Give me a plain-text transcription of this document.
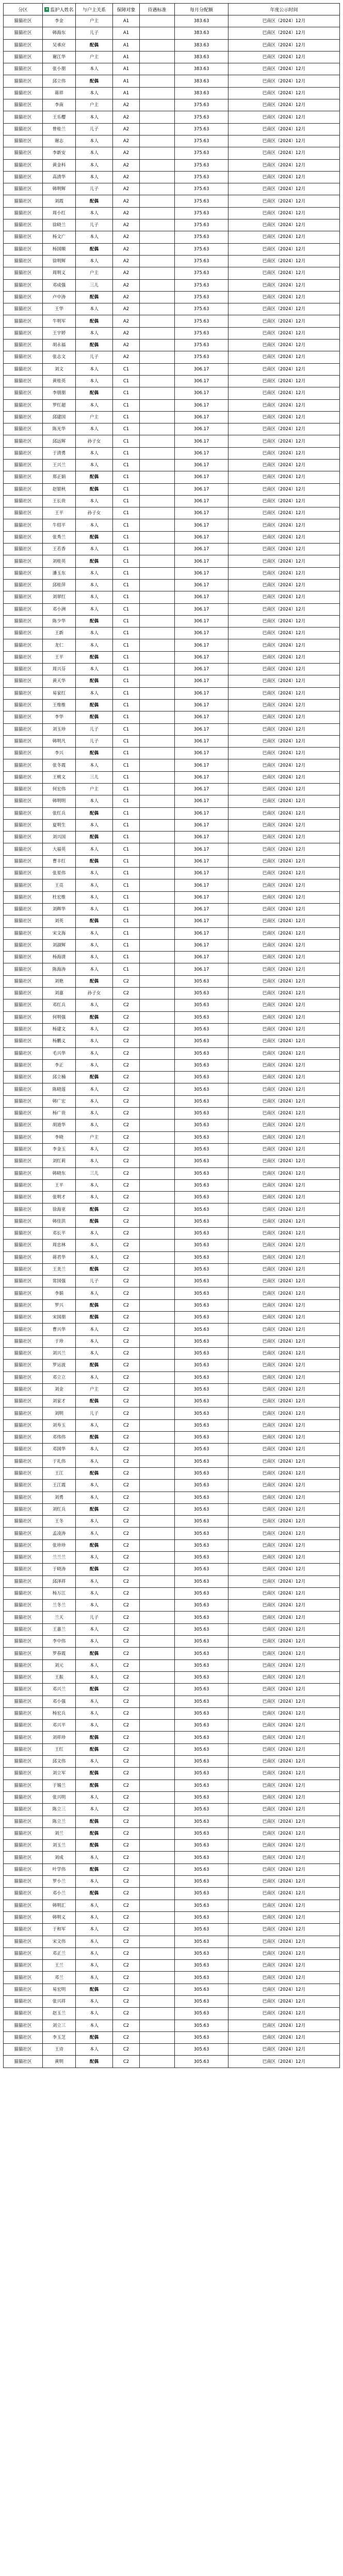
分区	▾ 监护人姓名	与户主关系	保障对象	待遇标准	每月分配额	年度公示时间
猫猫社区	李金	户主	A1		383.63	巴南区（2024）12月
猫猫社区	韩海东	儿子	A1		383.63	巴南区（2024）12月
猫猫社区	吴承应	配偶	A1		383.63	巴南区（2024）12月
猫猫社区	谢江华	户主	A1		383.63	巴南区（2024）12月
猫猫社区	张小朋	本人	A1		383.63	巴南区（2024）12月
猫猫社区	邱立伟	配偶	A1		383.63	巴南区（2024）12月
猫猫社区	蒋祥	本人	A1		383.63	巴南区（2024）12月
猫猫社区	李南	户主	A2		375.63	巴南区（2024）12月
猫猫社区	王乐樱	本人	A2		375.63	巴南区（2024）12月
猫猫社区	曾桂兰	儿子	A2		375.63	巴南区（2024）12月
猫猫社区	谢志	本人	A2		375.63	巴南区（2024）12月
猫猫社区	李新安	本人	A2		375.63	巴南区（2024）12月
猫猫社区	黄金科	本人	A2		375.63	巴南区（2024）12月
猫猫社区	高清华	本人	A2		375.63	巴南区（2024）12月
猫猫社区	韩明辉	儿子	A2		375.63	巴南区（2024）12月
猫猫社区	刘霞	配偶	A2		375.63	巴南区（2024）12月
猫猫社区	周小红	本人	A2		375.63	巴南区（2024）12月
猫猫社区	徐晓兰	儿子	A2		375.63	巴南区（2024）12月
猫猫社区	杨文广	本人	A2		375.63	巴南区（2024）12月
猫猫社区	杨国顺	配偶	A2		375.63	巴南区（2024）12月
猫猫社区	徐明辉	本人	A2		375.63	巴南区（2024）12月
猫猫社区	周明义	户主	A2		375.63	巴南区（2024）12月
猫猫社区	邓成强	三儿	A2		375.63	巴南区（2024）12月
猫猫社区	卢中涛	配偶	A2		375.63	巴南区（2024）12月
猫猫社区	王华	本人	A2		375.63	巴南区（2024）12月
猫猫社区	牛明军	配偶	A2		375.63	巴南区（2024）12月
猫猫社区	王宇婷	本人	A2		375.63	巴南区（2024）12月
猫猫社区	胡永福	配偶	A2		375.63	巴南区（2024）12月
猫猫社区	张志文	儿子	A2		375.63	巴南区（2024）12月
猫猫社区	刘文	本人	C1		306.17	巴南区（2024）12月
猫猫社区	黄桂英	本人	C1		306.17	巴南区（2024）12月
猫猫社区	李朋朋	配偶	C1		306.17	巴南区（2024）12月
猫猫社区	罗红超	本人	C1		306.17	巴南区（2024）12月
猫猫社区	邱建国	户主	C1		306.17	巴南区（2024）12月
猫猫社区	陈光华	本人	C1		306.17	巴南区（2024）12月
猫猫社区	邱远辉	孙子女	C1		306.17	巴南区（2024）12月
猫猫社区	于清勇	本人	C1		306.17	巴南区（2024）12月
猫猫社区	王兴兰	本人	C1		306.17	巴南区（2024）12月
猫猫社区	郑正娟	配偶	C1		306.17	巴南区（2024）12月
猫猫社区	赵银秋	配偶	C1		306.17	巴南区（2024）12月
猫猫社区	王长贵	本人	C1		306.17	巴南区（2024）12月
猫猫社区	王平	孙子女	C1		306.17	巴南区（2024）12月
猫猫社区	牛绍平	本人	C1		306.17	巴南区（2024）12月
猫猫社区	张秀兰	配偶	C1		306.17	巴南区（2024）12月
猫猫社区	王若香	本人	C1		306.17	巴南区（2024）12月
猫猫社区	刘桂英	配偶	C1		306.17	巴南区（2024）12月
猫猫社区	潘玉东	本人	C1		306.17	巴南区（2024）12月
猫猫社区	邱桂萍	本人	C1		306.17	巴南区（2024）12月
猫猫社区	刘翠红	本人	C1		306.17	巴南区（2024）12月
猫猫社区	邓小洲	本人	C1		306.17	巴南区（2024）12月
猫猫社区	陈少华	配偶	C1		306.17	巴南区（2024）12月
猫猫社区	王新	本人	C1		306.17	巴南区（2024）12月
猫猫社区	龙仁	本人	C1		306.17	巴南区（2024）12月
猫猫社区	王平	配偶	C1		306.17	巴南区（2024）12月
猫猫社区	周兴芬	本人	C1		306.17	巴南区（2024）12月
猫猫社区	黄天华	配偶	C1		306.17	巴南区（2024）12月
猫猫社区	易家红	本人	C1		306.17	巴南区（2024）12月
猫猫社区	王维维	配偶	C1		306.17	巴南区（2024）12月
猫猫社区	李华	配偶	C1		306.17	巴南区（2024）12月
猫猫社区	刘玉珍	儿子	C1		306.17	巴南区（2024）12月
猫猫社区	韩明凡	儿子	C1		306.17	巴南区（2024）12月
猫猫社区	李兴	配偶	C1		306.17	巴南区（2024）12月
猫猫社区	张冬霞	本人	C1		306.17	巴南区（2024）12月
猫猫社区	王桃文	三儿	C1		306.17	巴南区（2024）12月
猫猫社区	何宏伟	户主	C1		306.17	巴南区（2024）12月
猫猫社区	韩明明	本人	C1		306.17	巴南区（2024）12月
猫猫社区	张红兵	配偶	C1		306.17	巴南区（2024）12月
猫猫社区	夏明生	本人	C1		306.17	巴南区（2024）12月
猫猫社区	刘兴国	配偶	C1		306.17	巴南区（2024）12月
猫猫社区	大福英	本人	C1		306.17	巴南区（2024）12月
猫猫社区	曹丰红	配偶	C1		306.17	巴南区（2024）12月
猫猫社区	张星伟	本人	C1		306.17	巴南区（2024）12月
猫猫社区	王亮	本人	C1		306.17	巴南区（2024）12月
猫猫社区	杜宏维	本人	C1		306.17	巴南区（2024）12月
猫猫社区	刘辉华	本人	C1		306.17	巴南区（2024）12月
猫猫社区	刘英	配偶	C1		306.17	巴南区（2024）12月
猫猫社区	宋文海	本人	C1		306.17	巴南区（2024）12月
猫猫社区	刘淑辉	本人	C1		306.17	巴南区（2024）12月
猫猫社区	杨海清	本人	C1		306.17	巴南区（2024）12月
猫猫社区	陈海涛	本人	C1		306.17	巴南区（2024）12月
猫猫社区	刘艳	配偶	C2		305.63	巴南区（2024）12月
猫猫社区	刘嘉	孙子女	C2		305.63	巴南区（2024）12月
猫猫社区	邓红兵	本人	C2		305.63	巴南区（2024）12月
猫猫社区	何明强	配偶	C2		305.63	巴南区（2024）12月
猫猫社区	杨建文	本人	C2		305.63	巴南区（2024）12月
猫猫社区	杨鹏义	本人	C2		305.63	巴南区（2024）12月
猫猫社区	毛兴华	本人	C2		305.63	巴南区（2024）12月
猫猫社区	李正	本人	C2		305.63	巴南区（2024）12月
猫猫社区	邱立楠	配偶	C2		305.63	巴南区（2024）12月
猫猫社区	陈晓莲	本人	C2		305.63	巴南区（2024）12月
猫猫社区	韩广宏	本人	C2		305.63	巴南区（2024）12月
猫猫社区	杨广贵	本人	C2		305.63	巴南区（2024）12月
猫猫社区	胡道华	本人	C2		305.63	巴南区（2024）12月
猫猫社区	李晓	户主	C2		305.63	巴南区（2024）12月
猫猫社区	李金玉	本人	C2		305.63	巴南区（2024）12月
猫猫社区	刘红莉	本人	C2		305.63	巴南区（2024）12月
猫猫社区	韩晓东	三儿	C2		305.63	巴南区（2024）12月
猫猫社区	王平	本人	C2		305.63	巴南区（2024）12月
猫猫社区	张明才	本人	C2		305.63	巴南区（2024）12月
猫猫社区	徐海亚	配偶	C2		305.63	巴南区（2024）12月
猫猫社区	韩佳洪	配偶	C2		305.63	巴南区（2024）12月
猫猫社区	邓长平	本人	C2		305.63	巴南区（2024）12月
猫猫社区	周忠林	本人	C2		305.63	巴南区（2024）12月
猫猫社区	蒋君华	本人	C2		305.63	巴南区（2024）12月
猫猫社区	王美兰	配偶	C2		305.63	巴南区（2024）12月
猫猫社区	常国强	儿子	C2		305.63	巴南区（2024）12月
猫猫社区	李娟	本人	C2		305.63	巴南区（2024）12月
猫猫社区	罗兴	配偶	C2		305.63	巴南区（2024）12月
猫猫社区	宋国朋	配偶	C2		305.63	巴南区（2024）12月
猫猫社区	曹兴华	本人	C2		305.63	巴南区（2024）12月
猫猫社区	于珍	本人	C2		305.63	巴南区（2024）12月
猫猫社区	刘兴兰	本人	C2		305.63	巴南区（2024）12月
猫猫社区	罗运波	配偶	C2		305.63	巴南区（2024）12月
猫猫社区	邓立立	本人	C2		305.63	巴南区（2024）12月
猫猫社区	刘金	户主	C2		305.63	巴南区（2024）12月
猫猫社区	刘家才	配偶	C2		305.63	巴南区（2024）12月
猫猫社区	刘明	儿子	C2		305.63	巴南区（2024）12月
猫猫社区	刘寿玉	本人	C2		305.63	巴南区（2024）12月
猫猫社区	邓伟伟	配偶	C2		305.63	巴南区（2024）12月
猫猫社区	邓国华	本人	C2		305.63	巴南区（2024）12月
猫猫社区	于礼伟	本人	C2		305.63	巴南区（2024）12月
猫猫社区	王江	配偶	C2		305.63	巴南区（2024）12月
猫猫社区	王江霞	本人	C2		305.63	巴南区（2024）12月
猫猫社区	刘勇	本人	C2		305.63	巴南区（2024）12月
猫猫社区	刘红兵	配偶	C2		305.63	巴南区（2024）12月
猫猫社区	王冬	本人	C2		305.63	巴南区（2024）12月
猫猫社区	孟凌涛	本人	C2		305.63	巴南区（2024）12月
猫猫社区	张珍珍	配偶	C2		305.63	巴南区（2024）12月
猫猫社区	兰兰兰	本人	C2		305.63	巴南区（2024）12月
猫猫社区	于晓涛	配偶	C2		305.63	巴南区（2024）12月
猫猫社区	邱泽祥	本人	C2		305.63	巴南区（2024）12月
猫猫社区	杨万江	本人	C2		305.63	巴南区（2024）12月
猫猫社区	兰冬兰	本人	C2		305.63	巴南区（2024）12月
猫猫社区	兰天	儿子	C2		305.63	巴南区（2024）12月
猫猫社区	王嘉兰	本人	C2		305.63	巴南区（2024）12月
猫猫社区	李中伟	本人	C2		305.63	巴南区（2024）12月
猫猫社区	罗春霞	配偶	C2		305.63	巴南区（2024）12月
猫猫社区	刘元	本人	C2		305.63	巴南区（2024）12月
猫猫社区	王振	本人	C2		305.63	巴南区（2024）12月
猫猫社区	邓兴兰	配偶	C2		305.63	巴南区（2024）12月
猫猫社区	邓小强	本人	C2		305.63	巴南区（2024）12月
猫猫社区	杨宏兵	本人	C2		305.63	巴南区（2024）12月
猫猫社区	邓兴平	本人	C2		305.63	巴南区（2024）12月
猫猫社区	刘祥珍	配偶	C2		305.63	巴南区（2024）12月
猫猫社区	王红	配偶	C2		305.63	巴南区（2024）12月
猫猫社区	邱文伟	本人	C2		305.63	巴南区（2024）12月
猫猫社区	刘立军	配偶	C2		305.63	巴南区（2024）12月
猫猫社区	于锡兰	配偶	C2		305.63	巴南区（2024）12月
猫猫社区	张兴明	本人	C2		305.63	巴南区（2024）12月
猫猫社区	陈立三	本人	C2		305.63	巴南区（2024）12月
猫猫社区	陈立兰	配偶	C2		305.63	巴南区（2024）12月
猫猫社区	刘兰	配偶	C2		305.63	巴南区（2024）12月
猫猫社区	刘玉兰	配偶	C2		305.63	巴南区（2024）12月
猫猫社区	刘成	本人	C2		305.63	巴南区（2024）12月
猫猫社区	叶学伟	配偶	C2		305.63	巴南区（2024）12月
猫猫社区	罗小兰	本人	C2		305.63	巴南区（2024）12月
猫猫社区	邓小兰	配偶	C2		305.63	巴南区（2024）12月
猫猫社区	韩明汇	本人	C2		305.63	巴南区（2024）12月
猫猫社区	韩明义	本人	C2		305.63	巴南区（2024）12月
猫猫社区	于和军	本人	C2		305.63	巴南区（2024）12月
猫猫社区	宋文伟	本人	C2		305.63	巴南区（2024）12月
猫猫社区	邓正兰	本人	C2		305.63	巴南区（2024）12月
猫猫社区	王兰	本人	C2		305.63	巴南区（2024）12月
猫猫社区	邓兰	本人	C2		305.63	巴南区（2024）12月
猫猫社区	易宏明	配偶	C2		305.63	巴南区（2024）12月
猫猫社区	张兴祥	本人	C2		305.63	巴南区（2024）12月
猫猫社区	赵玉兰	本人	C2		305.63	巴南区（2024）12月
猫猫社区	刘立三	本人	C2		305.63	巴南区（2024）12月
猫猫社区	李玉芝	配偶	C2		305.63	巴南区（2024）12月
猫猫社区	王诗	本人	C2		305.63	巴南区（2024）12月
猫猫社区	黄明	配偶	C2		305.63	巴南区（2024）12月
